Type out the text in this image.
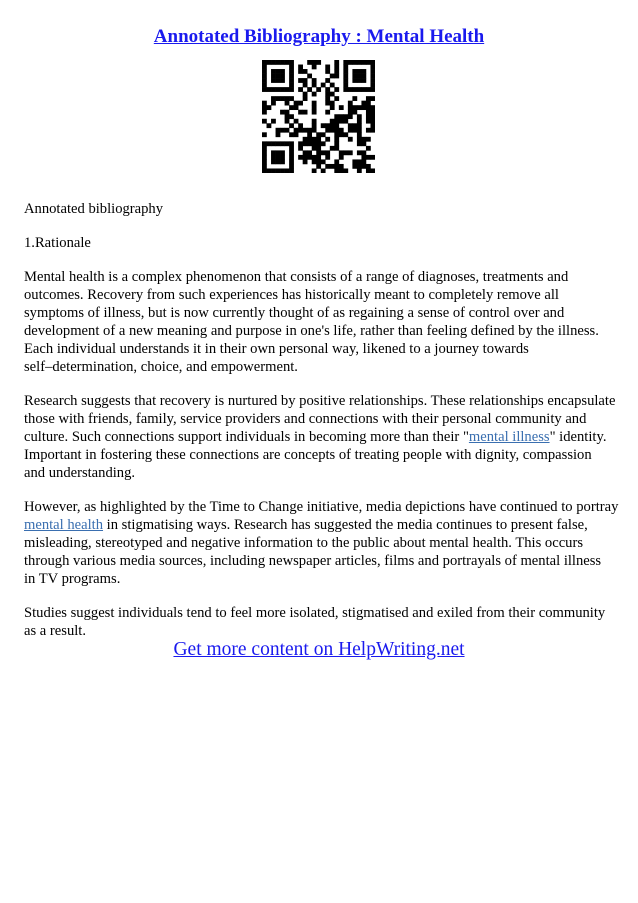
Annotated Bibliography : Mental Health

Annotated bibliography

1.Rationale

Mental health is a complex phenomenon that consists of a range of diagnoses, treatments and
outcomes. Recovery from such experiences has historically meant to completely remove all
symptoms of illness, but is now currently thought of as regaining a sense of control over and
development of a new meaning and purpose in one's life, rather than feeling defined by the illness.
Each individual understands it in their own personal way, likened to a journey towards
self–determination, choice, and empowerment.

Research suggests that recovery is nurtured by positive relationships. These relationships encapsulate
those with friends, family, service providers and connections with their personal community and
culture. Such connections support individuals in becoming more than their "mental illness" identity.
Important in fostering these connections are concepts of treating people with dignity, compassion
and understanding.

However, as highlighted by the Time to Change initiative, media depictions have continued to portray
mental health in stigmatising ways. Research has suggested the media continues to present false,
misleading, stereotyped and negative information to the public about mental health. This occurs
through various media sources, including newspaper articles, films and portrayals of mental illness
in TV programs.

Studies suggest individuals tend to feel more isolated, stigmatised and exiled from their community
as a result.

Get more content on HelpWriting.net
